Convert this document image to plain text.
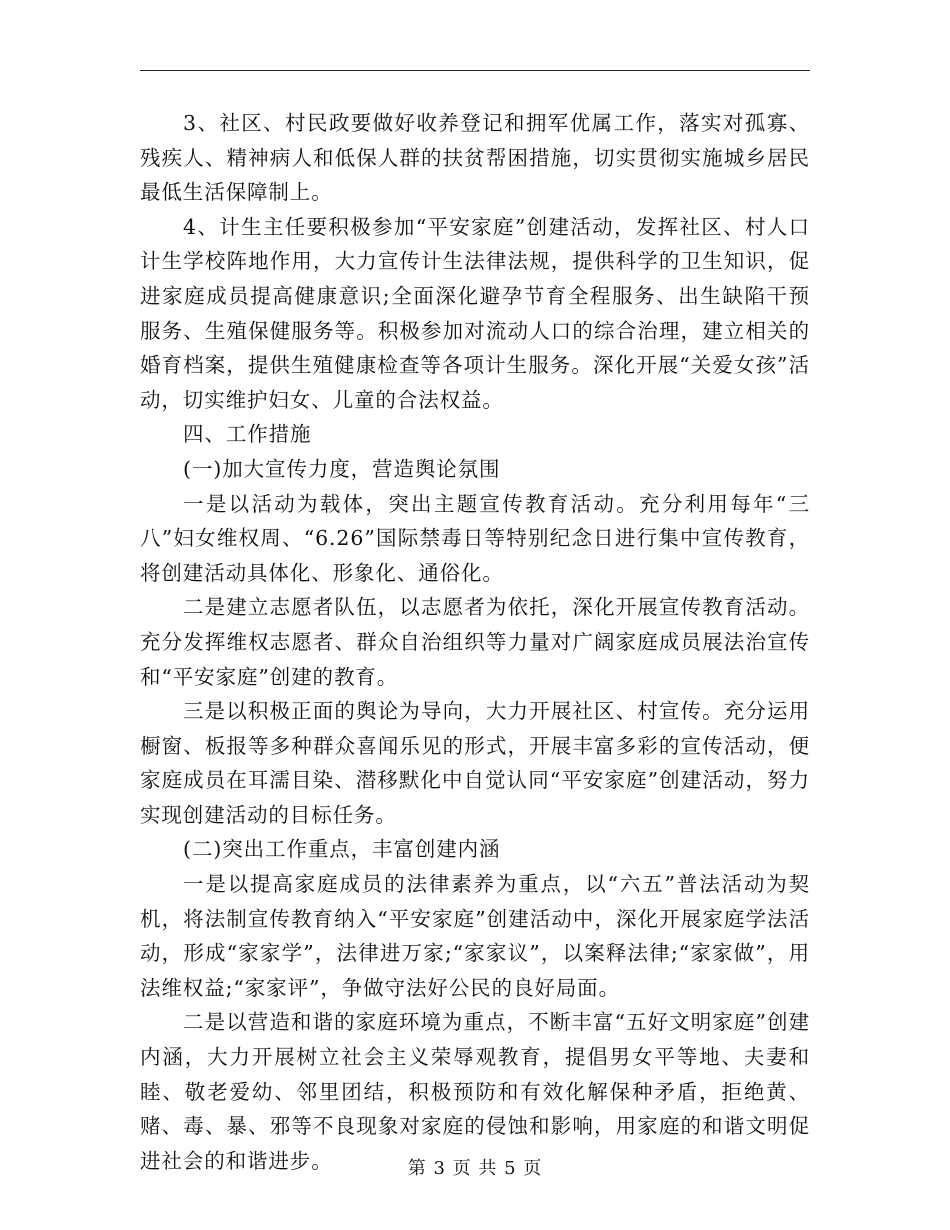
3、社区、村民政要做好收养登记和拥军优属工作，落实对孤寡、残疾人、精神病人和低保人群的扶贫帮困措施，切实贯彻实施城乡居民最低生活保障制上。

4、计生主任要积极参加“平安家庭”创建活动，发挥社区、村人口计生学校阵地作用，大力宣传计生法律法规，提供科学的卫生知识，促进家庭成员提高健康意识;全面深化避孕节育全程服务、出生缺陷干预服务、生殖保健服务等。积极参加对流动人口的综合治理，建立相关的婚育档案，提供生殖健康检查等各项计生服务。深化开展“关爱女孩”活动，切实维护妇女、儿童的合法权益。

四、工作措施

(一)加大宣传力度，营造舆论氛围

一是以活动为载体，突出主题宣传教育活动。充分利用每年“三八”妇女维权周、“6.26”国际禁毒日等特别纪念日进行集中宣传教育，将创建活动具体化、形象化、通俗化。

二是建立志愿者队伍，以志愿者为依托，深化开展宣传教育活动。充分发挥维权志愿者、群众自治组织等力量对广阔家庭成员展法治宣传和“平安家庭”创建的教育。

三是以积极正面的舆论为导向，大力开展社区、村宣传。充分运用橱窗、板报等多种群众喜闻乐见的形式，开展丰富多彩的宣传活动，便家庭成员在耳濡目染、潜移默化中自觉认同“平安家庭”创建活动，努力实现创建活动的目标任务。

(二)突出工作重点，丰富创建内涵

一是以提高家庭成员的法律素养为重点，以“六五”普法活动为契机，将法制宣传教育纳入“平安家庭”创建活动中，深化开展家庭学法活动，形成“家家学”，法律进万家;“家家议”，以案释法律;“家家做”，用法维权益;“家家评”，争做守法好公民的良好局面。

二是以营造和谐的家庭环境为重点，不断丰富“五好文明家庭”创建内涵，大力开展树立社会主义荣辱观教育，提倡男女平等地、夫妻和睦、敬老爱幼、邻里团结，积极预防和有效化解保种矛盾，拒绝黄、赌、毒、暴、邪等不良现象对家庭的侵蚀和影响，用家庭的和谐文明促进社会的和谐进步。	第 3 页 共 5 页
